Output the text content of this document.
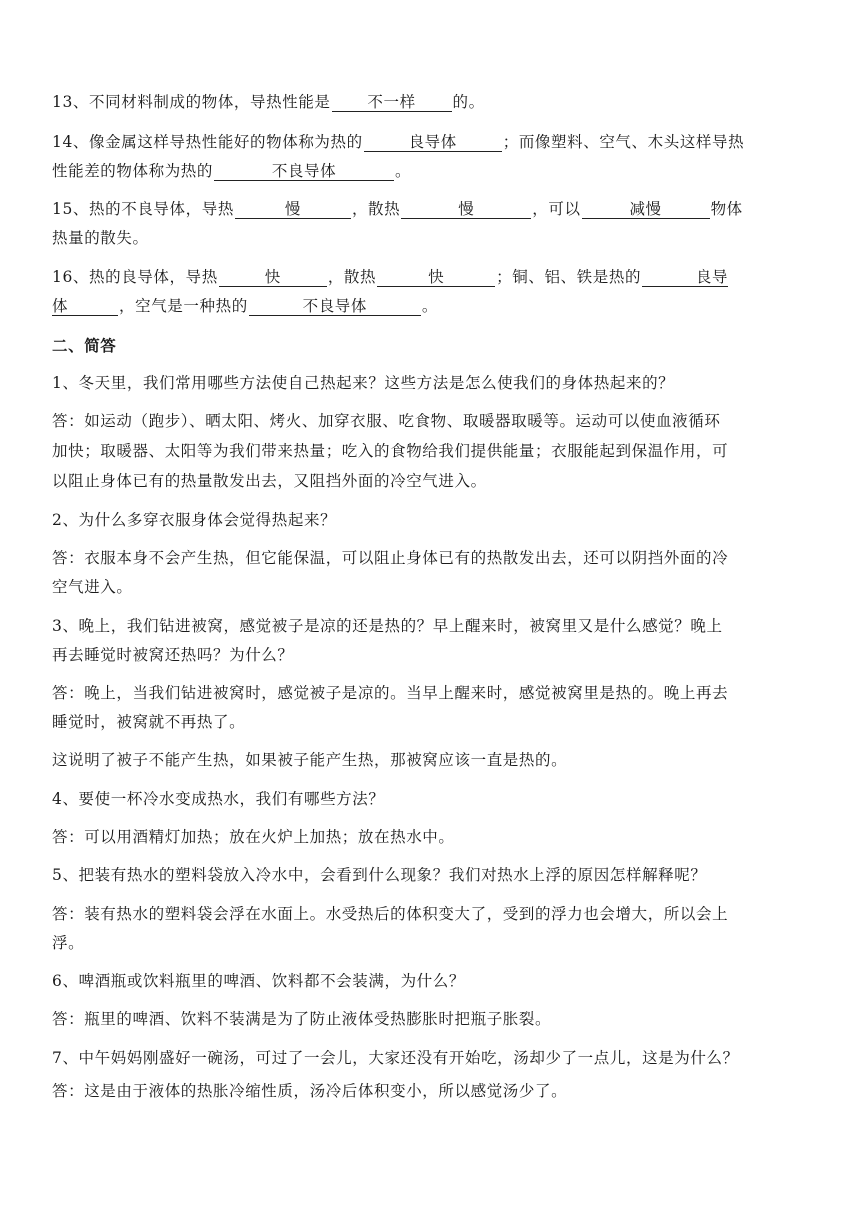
13、不同材料制成的物体，导热性能是 不一样 的。
14、像金属这样导热性能好的物体称为热的	良导体	；而像塑料、空气、木头这样导热
性能差的物体称为热的	不良导体	。
15、热的不良导体，导热	慢	，散热	慢	，可以	减慢	物体
热量的散失。
16、热的良导体，导热	快	，散热	快	；铜、铝、铁是热的	良导
体	，空气是一种热的	不良导体	。
二、简答
1、冬天里，我们常用哪些方法使自己热起来？这些方法是怎么使我们的身体热起来的？
答：如运动（跑步）、晒太阳、烤火、加穿衣服、吃食物、取暖器取暖等。运动可以使血液循环
加快；取暖器、太阳等为我们带来热量；吃入的食物给我们提供能量；衣服能起到保温作用，可
以阻止身体已有的热量散发出去，又阻挡外面的冷空气进入。
2、为什么多穿衣服身体会觉得热起来？
答：衣服本身不会产生热，但它能保温，可以阻止身体已有的热散发出去，还可以阴挡外面的冷
空气进入。
3、晚上，我们钻进被窝，感觉被子是凉的还是热的？早上醒来时，被窝里又是什么感觉？晚上
再去睡觉时被窝还热吗？为什么？
答：晚上，当我们钻进被窝时，感觉被子是凉的。当早上醒来时，感觉被窝里是热的。晚上再去
睡觉时，被窝就不再热了。
这说明了被子不能产生热，如果被子能产生热，那被窝应该一直是热的。
4、要使一杯冷水变成热水，我们有哪些方法？
答：可以用酒精灯加热；放在火炉上加热；放在热水中。
5、把装有热水的塑料袋放入冷水中，会看到什么现象？我们对热水上浮的原因怎样解释呢？
答：装有热水的塑料袋会浮在水面上。水受热后的体积变大了，受到的浮力也会增大，所以会上
浮。
6、啤酒瓶或饮料瓶里的啤酒、饮料都不会装满，为什么？
答：瓶里的啤酒、饮料不装满是为了防止液体受热膨胀时把瓶子胀裂。
7、中午妈妈刚盛好一碗汤，可过了一会儿，大家还没有开始吃，汤却少了一点儿，这是为什么？
答：这是由于液体的热胀冷缩性质，汤冷后体积变小，所以感觉汤少了。
